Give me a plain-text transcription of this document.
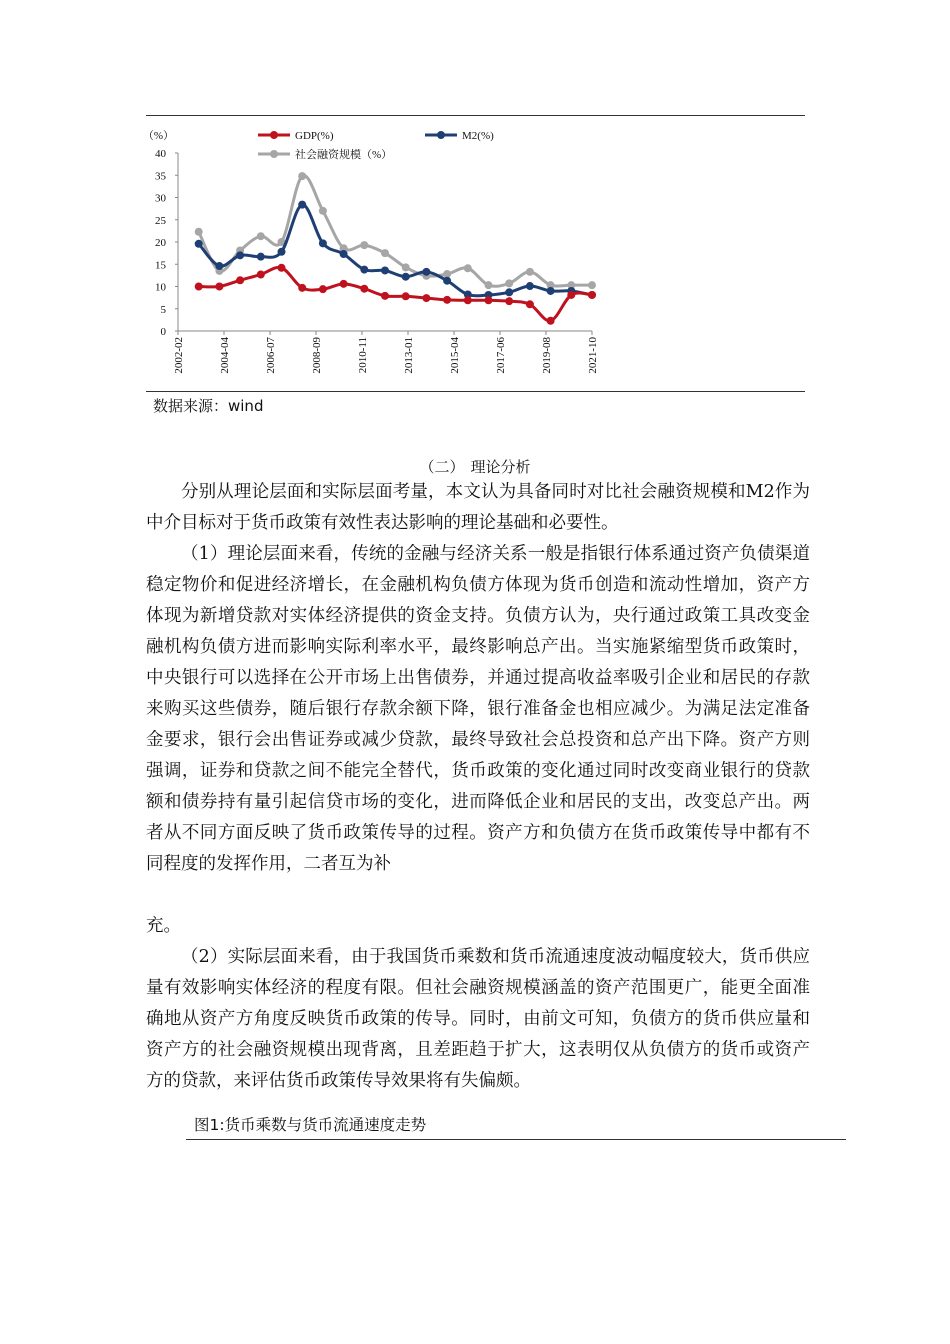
（%）
0
5
10
15
20
25
30
35
40
2002-02	2004-04	2006-07	2008-09	2010-11	2013-01	2015-04	2017-06	2019-08	2021-10
GDP(%)	M2(%)
社会融资规模（%）
数据来源：wind
（二） 理论分析

分别从理论层面和实际层面考量，本文认为具备同时对比社会融资规模和M2作为中介目标对于货币政策有效性表达影响的理论基础和必要性。

（1）理论层面来看，传统的金融与经济关系一般是指银行体系通过资产负债渠道稳定物价和促进经济增长，在金融机构负债方体现为货币创造和流动性增加，资产方体现为新增贷款对实体经济提供的资金支持。负债方认为，央行通过政策工具改变金融机构负债方进而影响实际利率水平，最终影响总产出。当实施紧缩型货币政策时，中央银行可以选择在公开市场上出售债券，并通过提高收益率吸引企业和居民的存款来购买这些债券，随后银行存款余额下降，银行准备金也相应减少。为满足法定准备金要求，银行会出售证券或减少贷款，最终导致社会总投资和总产出下降。资产方则强调，证券和贷款之间不能完全替代，货币政策的变化通过同时改变商业银行的贷款额和债券持有量引起信贷市场的变化，进而降低企业和居民的支出，改变总产出。两者从不同方面反映了货币政策传导的过程。资产方和负债方在货币政策传导中都有不同程度的发挥作用，二者互为补

充。

（2）实际层面来看，由于我国货币乘数和货币流通速度波动幅度较大，货币供应量有效影响实体经济的程度有限。但社会融资规模涵盖的资产范围更广，能更全面准确地从资产方角度反映货币政策的传导。同时，由前文可知，负债方的货币供应量和资产方的社会融资规模出现背离，且差距趋于扩大，这表明仅从负债方的货币或资产方的贷款，来评估货币政策传导效果将有失偏颇。

图1:货币乘数与货币流通速度走势
